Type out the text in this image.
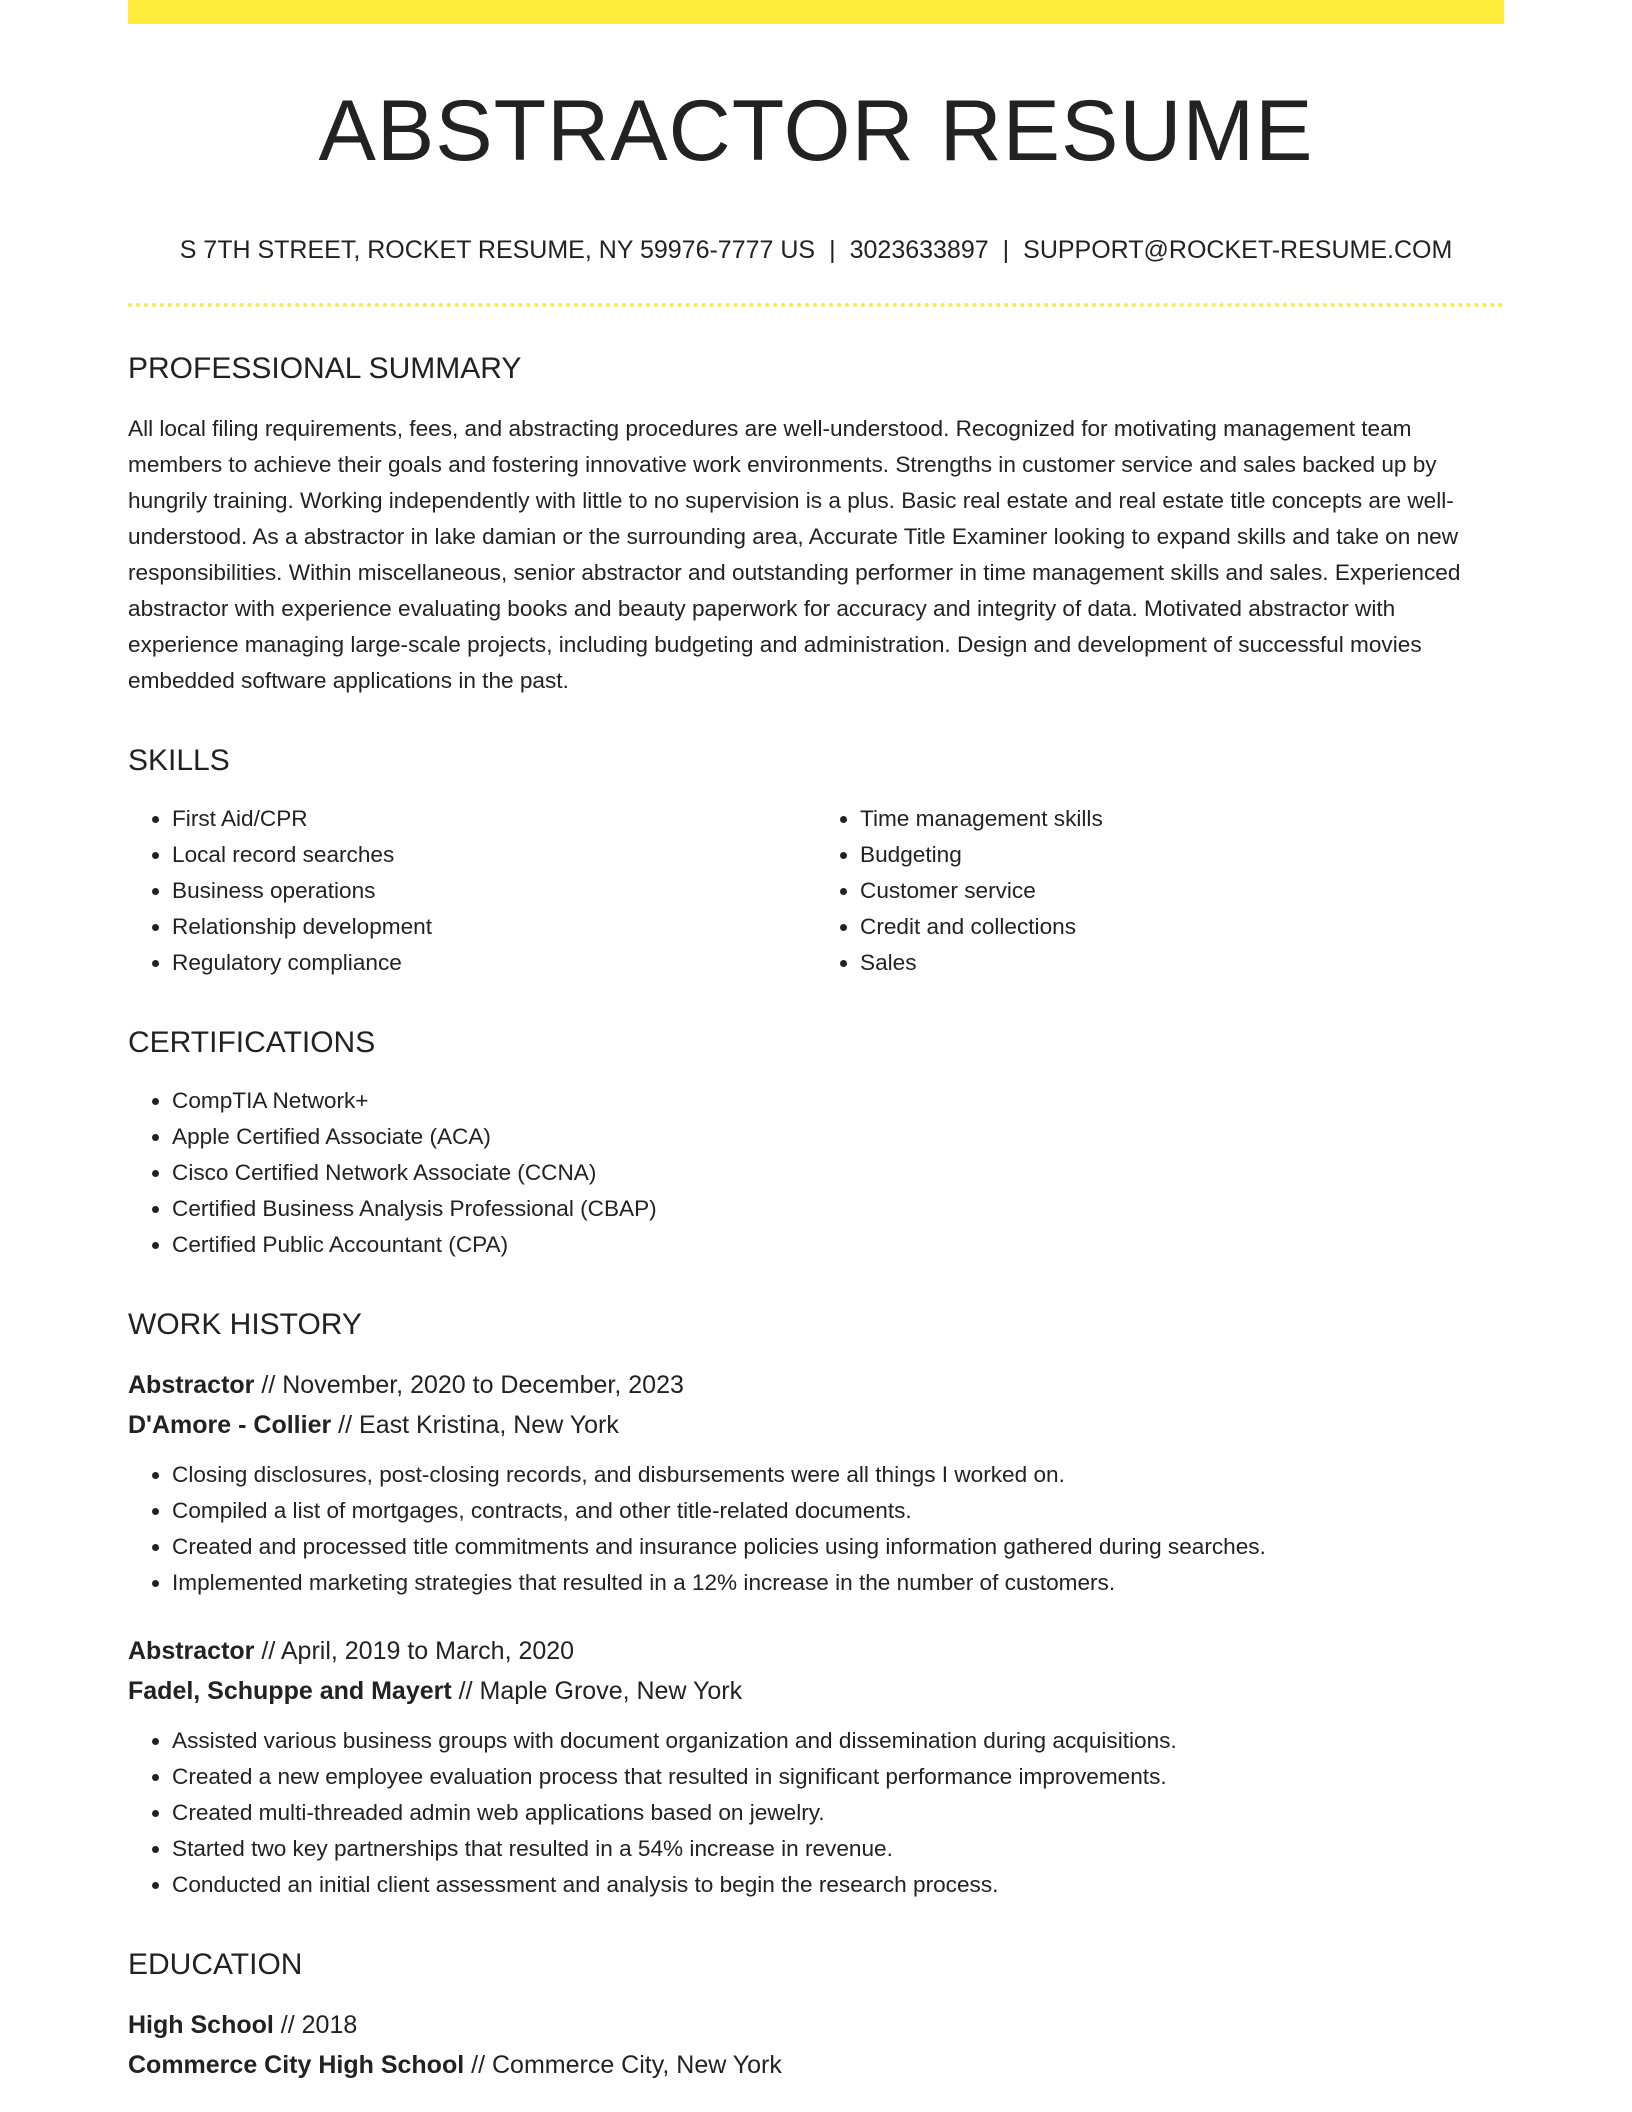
ABSTRACTOR RESUME
S 7TH STREET, ROCKET RESUME, NY 59976-7777 US | 3023633897 | SUPPORT@ROCKET-RESUME.COM
PROFESSIONAL SUMMARY

All local filing requirements, fees, and abstracting procedures are well-understood. Recognized for motivating management team members to achieve their goals and fostering innovative work environments. Strengths in customer service and sales backed up by hungrily training. Working independently with little to no supervision is a plus. Basic real estate and real estate title concepts are well-understood. As a abstractor in lake damian or the surrounding area, Accurate Title Examiner looking to expand skills and take on new responsibilities. Within miscellaneous, senior abstractor and outstanding performer in time management skills and sales. Experienced abstractor with experience evaluating books and beauty paperwork for accuracy and integrity of data. Motivated abstractor with experience managing large-scale projects, including budgeting and administration. Design and development of successful movies embedded software applications in the past.

SKILLS
• First Aid/CPR
• Local record searches
• Business operations
• Relationship development
• Regulatory compliance
• Time management skills
• Budgeting
• Customer service
• Credit and collections
• Sales
CERTIFICATIONS
• CompTIA Network+
• Apple Certified Associate (ACA)
• Cisco Certified Network Associate (CCNA)
• Certified Business Analysis Professional (CBAP)
• Certified Public Accountant (CPA)
WORK HISTORY
Abstractor // November, 2020 to December, 2023
D'Amore - Collier // East Kristina, New York
• Closing disclosures, post-closing records, and disbursements were all things I worked on.
• Compiled a list of mortgages, contracts, and other title-related documents.
• Created and processed title commitments and insurance policies using information gathered during searches.
• Implemented marketing strategies that resulted in a 12% increase in the number of customers.
Abstractor // April, 2019 to March, 2020
Fadel, Schuppe and Mayert // Maple Grove, New York
• Assisted various business groups with document organization and dissemination during acquisitions.
• Created a new employee evaluation process that resulted in significant performance improvements.
• Created multi-threaded admin web applications based on jewelry.
• Started two key partnerships that resulted in a 54% increase in revenue.
• Conducted an initial client assessment and analysis to begin the research process.
EDUCATION
High School // 2018
Commerce City High School // Commerce City, New York
